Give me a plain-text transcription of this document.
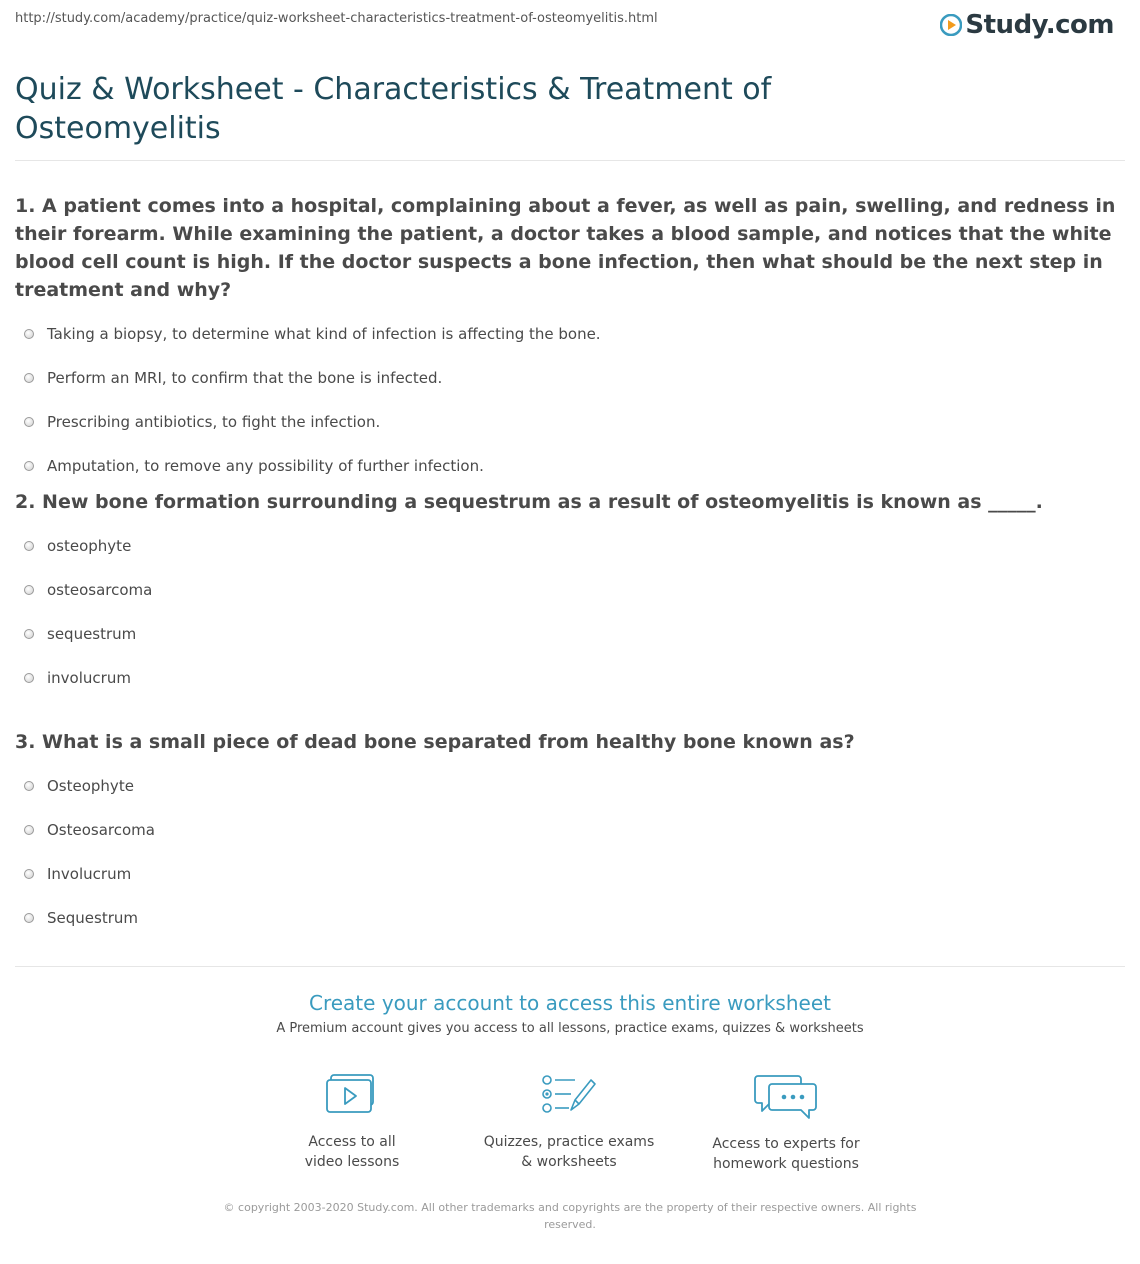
http://study.com/academy/practice/quiz-worksheet-characteristics-treatment-of-osteomyelitis.html	Study.com
Quiz & Worksheet - Characteristics & Treatment of Osteomyelitis

1. A patient comes into a hospital, complaining about a fever, as well as pain, swelling, and redness in their forearm. While examining the patient, a doctor takes a blood sample, and notices that the white blood cell count is high. If the doctor suspects a bone infection, then what should be the next step in treatment and why?

Taking a biopsy, to determine what kind of infection is affecting the bone.
Perform an MRI, to confirm that the bone is infected.
Prescribing antibiotics, to fight the infection.
Amputation, to remove any possibility of further infection.

2. New bone formation surrounding a sequestrum as a result of osteomyelitis is known as _____.

osteophyte
osteosarcoma
sequestrum
involucrum

3. What is a small piece of dead bone separated from healthy bone known as?

Osteophyte
Osteosarcoma
Involucrum
Sequestrum

Create your account to access this entire worksheet

A Premium account gives you access to all lessons, practice exams, quizzes & worksheets
Access to all
video lessons
Quizzes, practice exams
& worksheets
Access to experts for
homework questions
© copyright 2003-2020 Study.com. All other trademarks and copyrights are the property of their respective owners. All rights
reserved.
